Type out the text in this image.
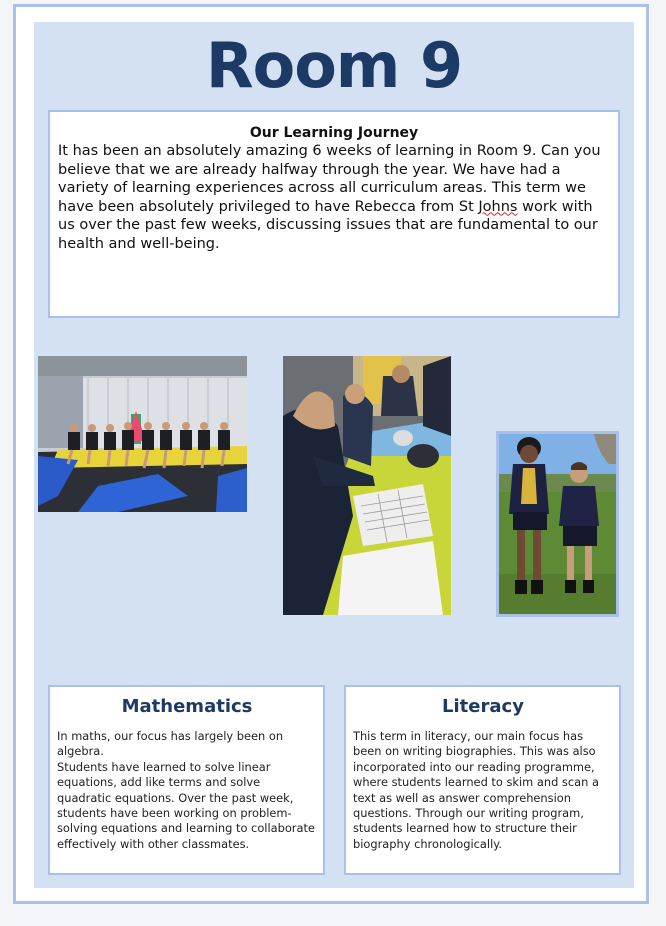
Room 9
Our Learning Journey
It has been an absolutely amazing 6 weeks of learning in Room 9. Can you believe that we are already halfway through the year. We have had a variety of learning experiences across all curriculum areas. This term we have been absolutely privileged to have Rebecca from St Johns work with us over the past few weeks, discussing issues that are fundamental to our health and well-being.
Mathematics
In maths, our focus has largely been on algebra.
Students have learned to solve linear equations, add like terms and solve quadratic equations. Over the past week, students have been working on problem-solving equations and learning to collaborate effectively with other classmates.
Literacy
This term in literacy, our main focus has been on writing biographies. This was also incorporated into our reading programme, where students learned to skim and scan a text as well as answer comprehension questions. Through our writing program, students learned how to structure their biography chronologically.
